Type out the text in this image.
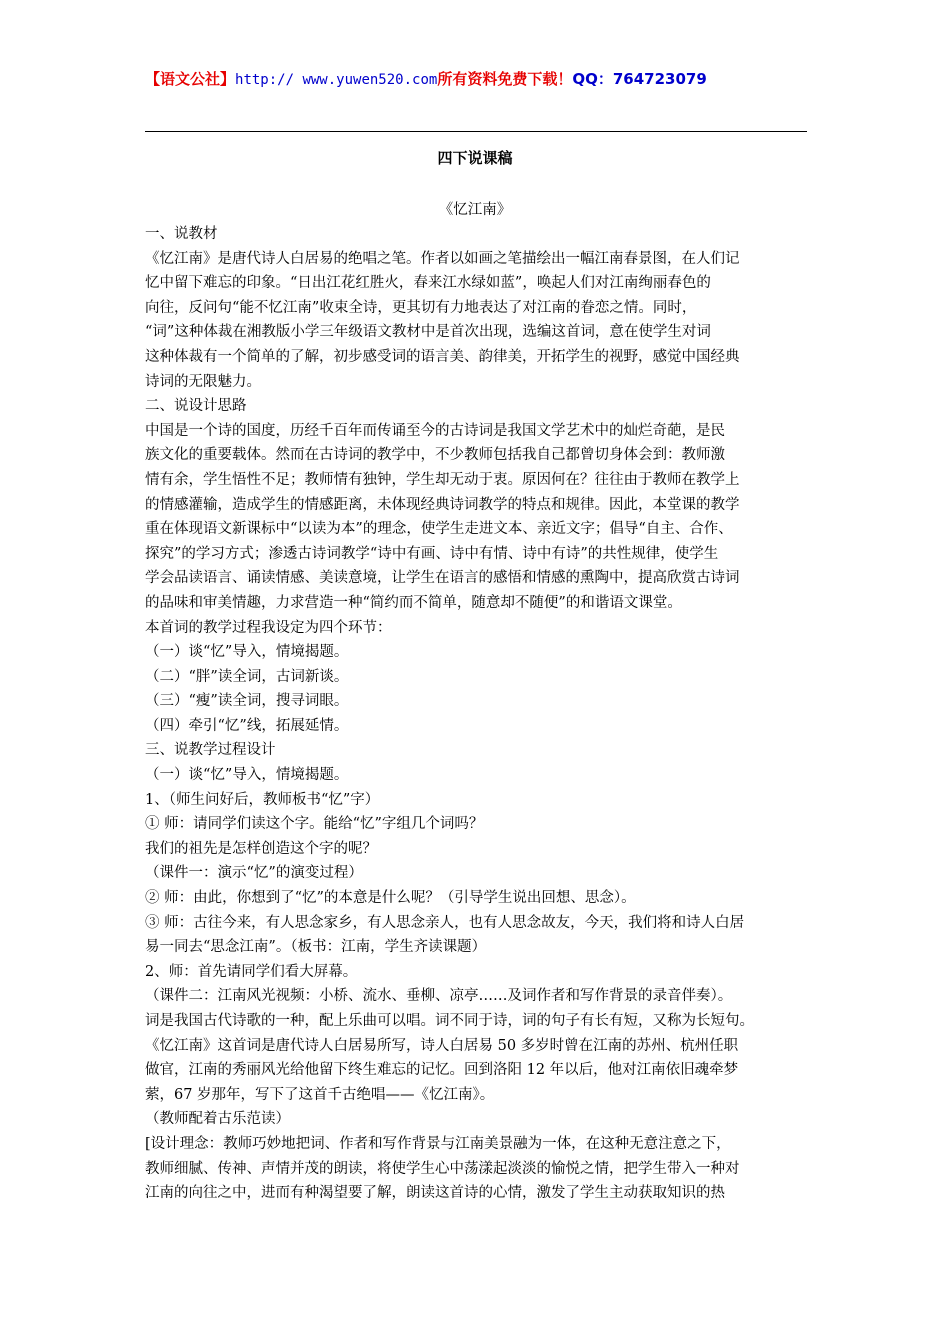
【语文公社】http:// www.yuwen520.com所有资料免费下载！QQ：764723079
四下说课稿
《忆江南》

一、说教材

《忆江南》是唐代诗人白居易的绝唱之笔。作者以如画之笔描绘出一幅江南春景图，在人们记

忆中留下难忘的印象。“日出江花红胜火，春来江水绿如蓝”，唤起人们对江南绚丽春色的

向往，反问句“能不忆江南”收束全诗，更其切有力地表达了对江南的眷恋之情。同时，

“词”这种体裁在湘教版小学三年级语文教材中是首次出现，选编这首词，意在使学生对词

这种体裁有一个简单的了解，初步感受词的语言美、韵律美，开拓学生的视野，感觉中国经典

诗词的无限魅力。

二、说设计思路

中国是一个诗的国度，历经千百年而传诵至今的古诗词是我国文学艺术中的灿烂奇葩，是民

族文化的重要载体。然而在古诗词的教学中，不少教师包括我自己都曾切身体会到：教师激

情有余，学生悟性不足；教师情有独钟，学生却无动于衷。原因何在？往往由于教师在教学上

的情感灌输，造成学生的情感距离，未体现经典诗词教学的特点和规律。因此，本堂课的教学

重在体现语文新课标中“以读为本”的理念，使学生走进文本、亲近文字；倡导“自主、合作、

探究”的学习方式；渗透古诗词教学“诗中有画、诗中有情、诗中有诗”的共性规律，使学生

学会品读语言、诵读情感、美读意境，让学生在语言的感悟和情感的熏陶中，提高欣赏古诗词

的品味和审美情趣，力求营造一种“简约而不简单，随意却不随便”的和谐语文课堂。

本首词的教学过程我设定为四个环节：

（一）谈“忆”导入，情境揭题。

（二）“胖”读全词，古词新谈。

（三）“瘦”读全词，搜寻词眼。

（四）牵引“忆”线，拓展延情。

三、说教学过程设计

（一）谈“忆”导入，情境揭题。

1、（师生问好后，教师板书“忆”字）

① 师：请同学们读这个字。能给“忆”字组几个词吗？

我们的祖先是怎样创造这个字的呢？

（课件一：演示“忆”的演变过程）

② 师：由此，你想到了“忆”的本意是什么呢？（引导学生说出回想、思念）。

③ 师：古往今来，有人思念家乡，有人思念亲人，也有人思念故友，今天，我们将和诗人白居

易一同去“思念江南”。（板书：江南，学生齐读课题）

2、师：首先请同学们看大屏幕。

（课件二：江南风光视频：小桥、流水、垂柳、凉亭……及词作者和写作背景的录音伴奏）。

词是我国古代诗歌的一种，配上乐曲可以唱。词不同于诗，词的句子有长有短，又称为长短句。

《忆江南》这首词是唐代诗人白居易所写，诗人白居易 50 多岁时曾在江南的苏州、杭州任职

做官，江南的秀丽风光给他留下终生难忘的记忆。回到洛阳 12 年以后，他对江南依旧魂牵梦

萦，67 岁那年，写下了这首千古绝唱——《忆江南》。

（教师配着古乐范读）

[设计理念：教师巧妙地把词、作者和写作背景与江南美景融为一体，在这种无意注意之下，

教师细腻、传神、声情并茂的朗读，将使学生心中荡漾起淡淡的愉悦之情，把学生带入一种对

江南的向往之中，进而有种渴望要了解，朗读这首诗的心情，激发了学生主动获取知识的热
